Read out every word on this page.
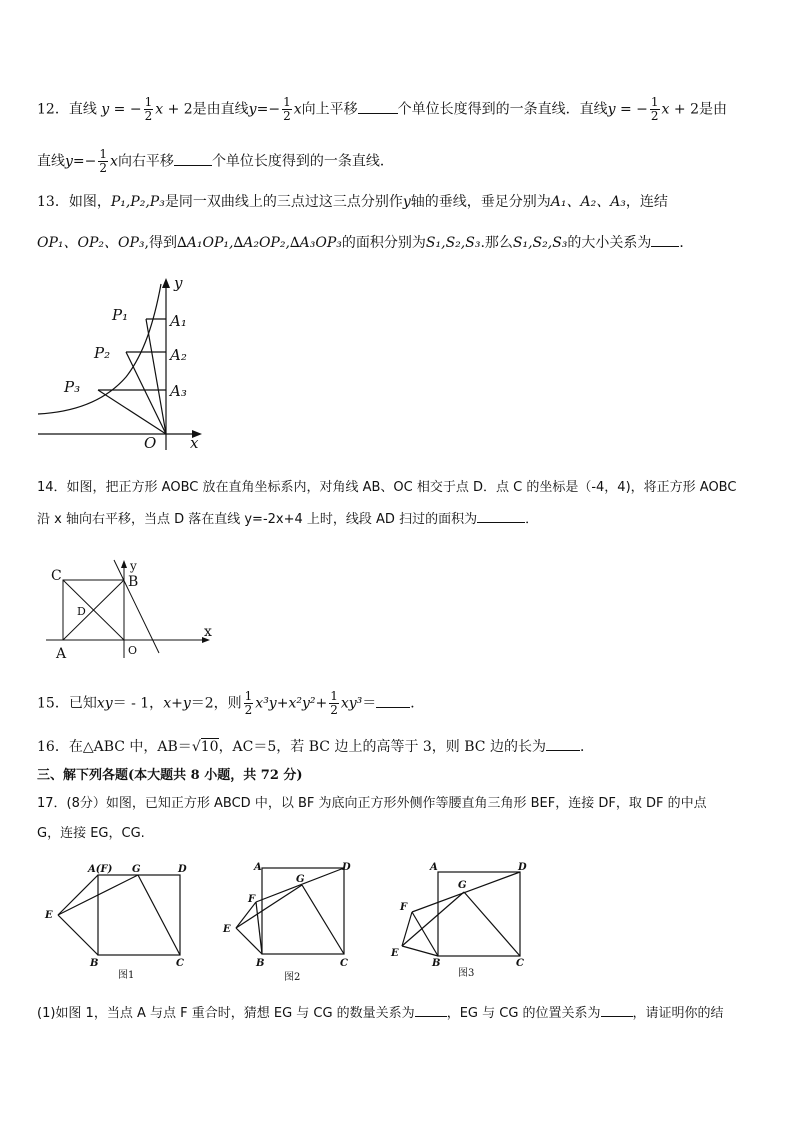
12．直线 y = − $\frac{1}{2}$ x + 2是由直线$y=- \frac{1}{2}$ x向上平移	个单位长度得到的一条直线．直线y = − $\frac{1}{2}$ x + 2是由
直线$y=- \frac{1}{2}$ x向右平移	个单位长度得到的一条直线．
13．如图，P₁,P₂,P₃是同一双曲线上的三点过这三点分别作y轴的垂线，垂足分别为A₁、A₂、A₃，连结
OP₁、OP₂、OP₃,得到∆A₁OP₁,∆A₂OP₂,∆A₃OP₃的面积分别为S₁,S₂,S₃.那么S₁,S₂,S₃的大小关系为 ．
y
x
O
P₁
P₂
P₃
A₁
A₂
A₃
14．如图，把正方形 AOBC 放在直角坐标系内，对角线 AB、OC 相交于点 D．点 C 的坐标是（-4，4)，将正方形 AOBC
沿 x 轴向右平移，当点 D 落在直线 y=-2x+4 上时，线段 AD 扫过的面积为	．
C	B
y
D
A	O
x
15．已知xy＝ - 1，x+y＝2，则 $\frac{1}{2} x^3y+x^2y^2+ \frac{1}{2} xy^3=$ ．
16．在△ABC 中，AB＝√10，AC＝5，若 BC 边上的高等于 3，则 BC 边的长为 ．
三、解下列各题(本大题共 8 小题，共 72 分)
17．(8分）如图，已知正方形 ABCD 中，以 BF 为底向正方形外侧作等腰直角三角形 BEF，连接 DF，取 DF 的中点
G，连接 EG，CG.
A(F) G	D
E
B	C
图1
A
G
D
F
E
B	C
图2
A	D
G
F
E
B	C
图3
(1)如图 1，当点 A 与点 F 重合时，猜想 EG 与 CG 的数量关系为 ，EG 与 CG 的位置关系为 ，请证明你的结
